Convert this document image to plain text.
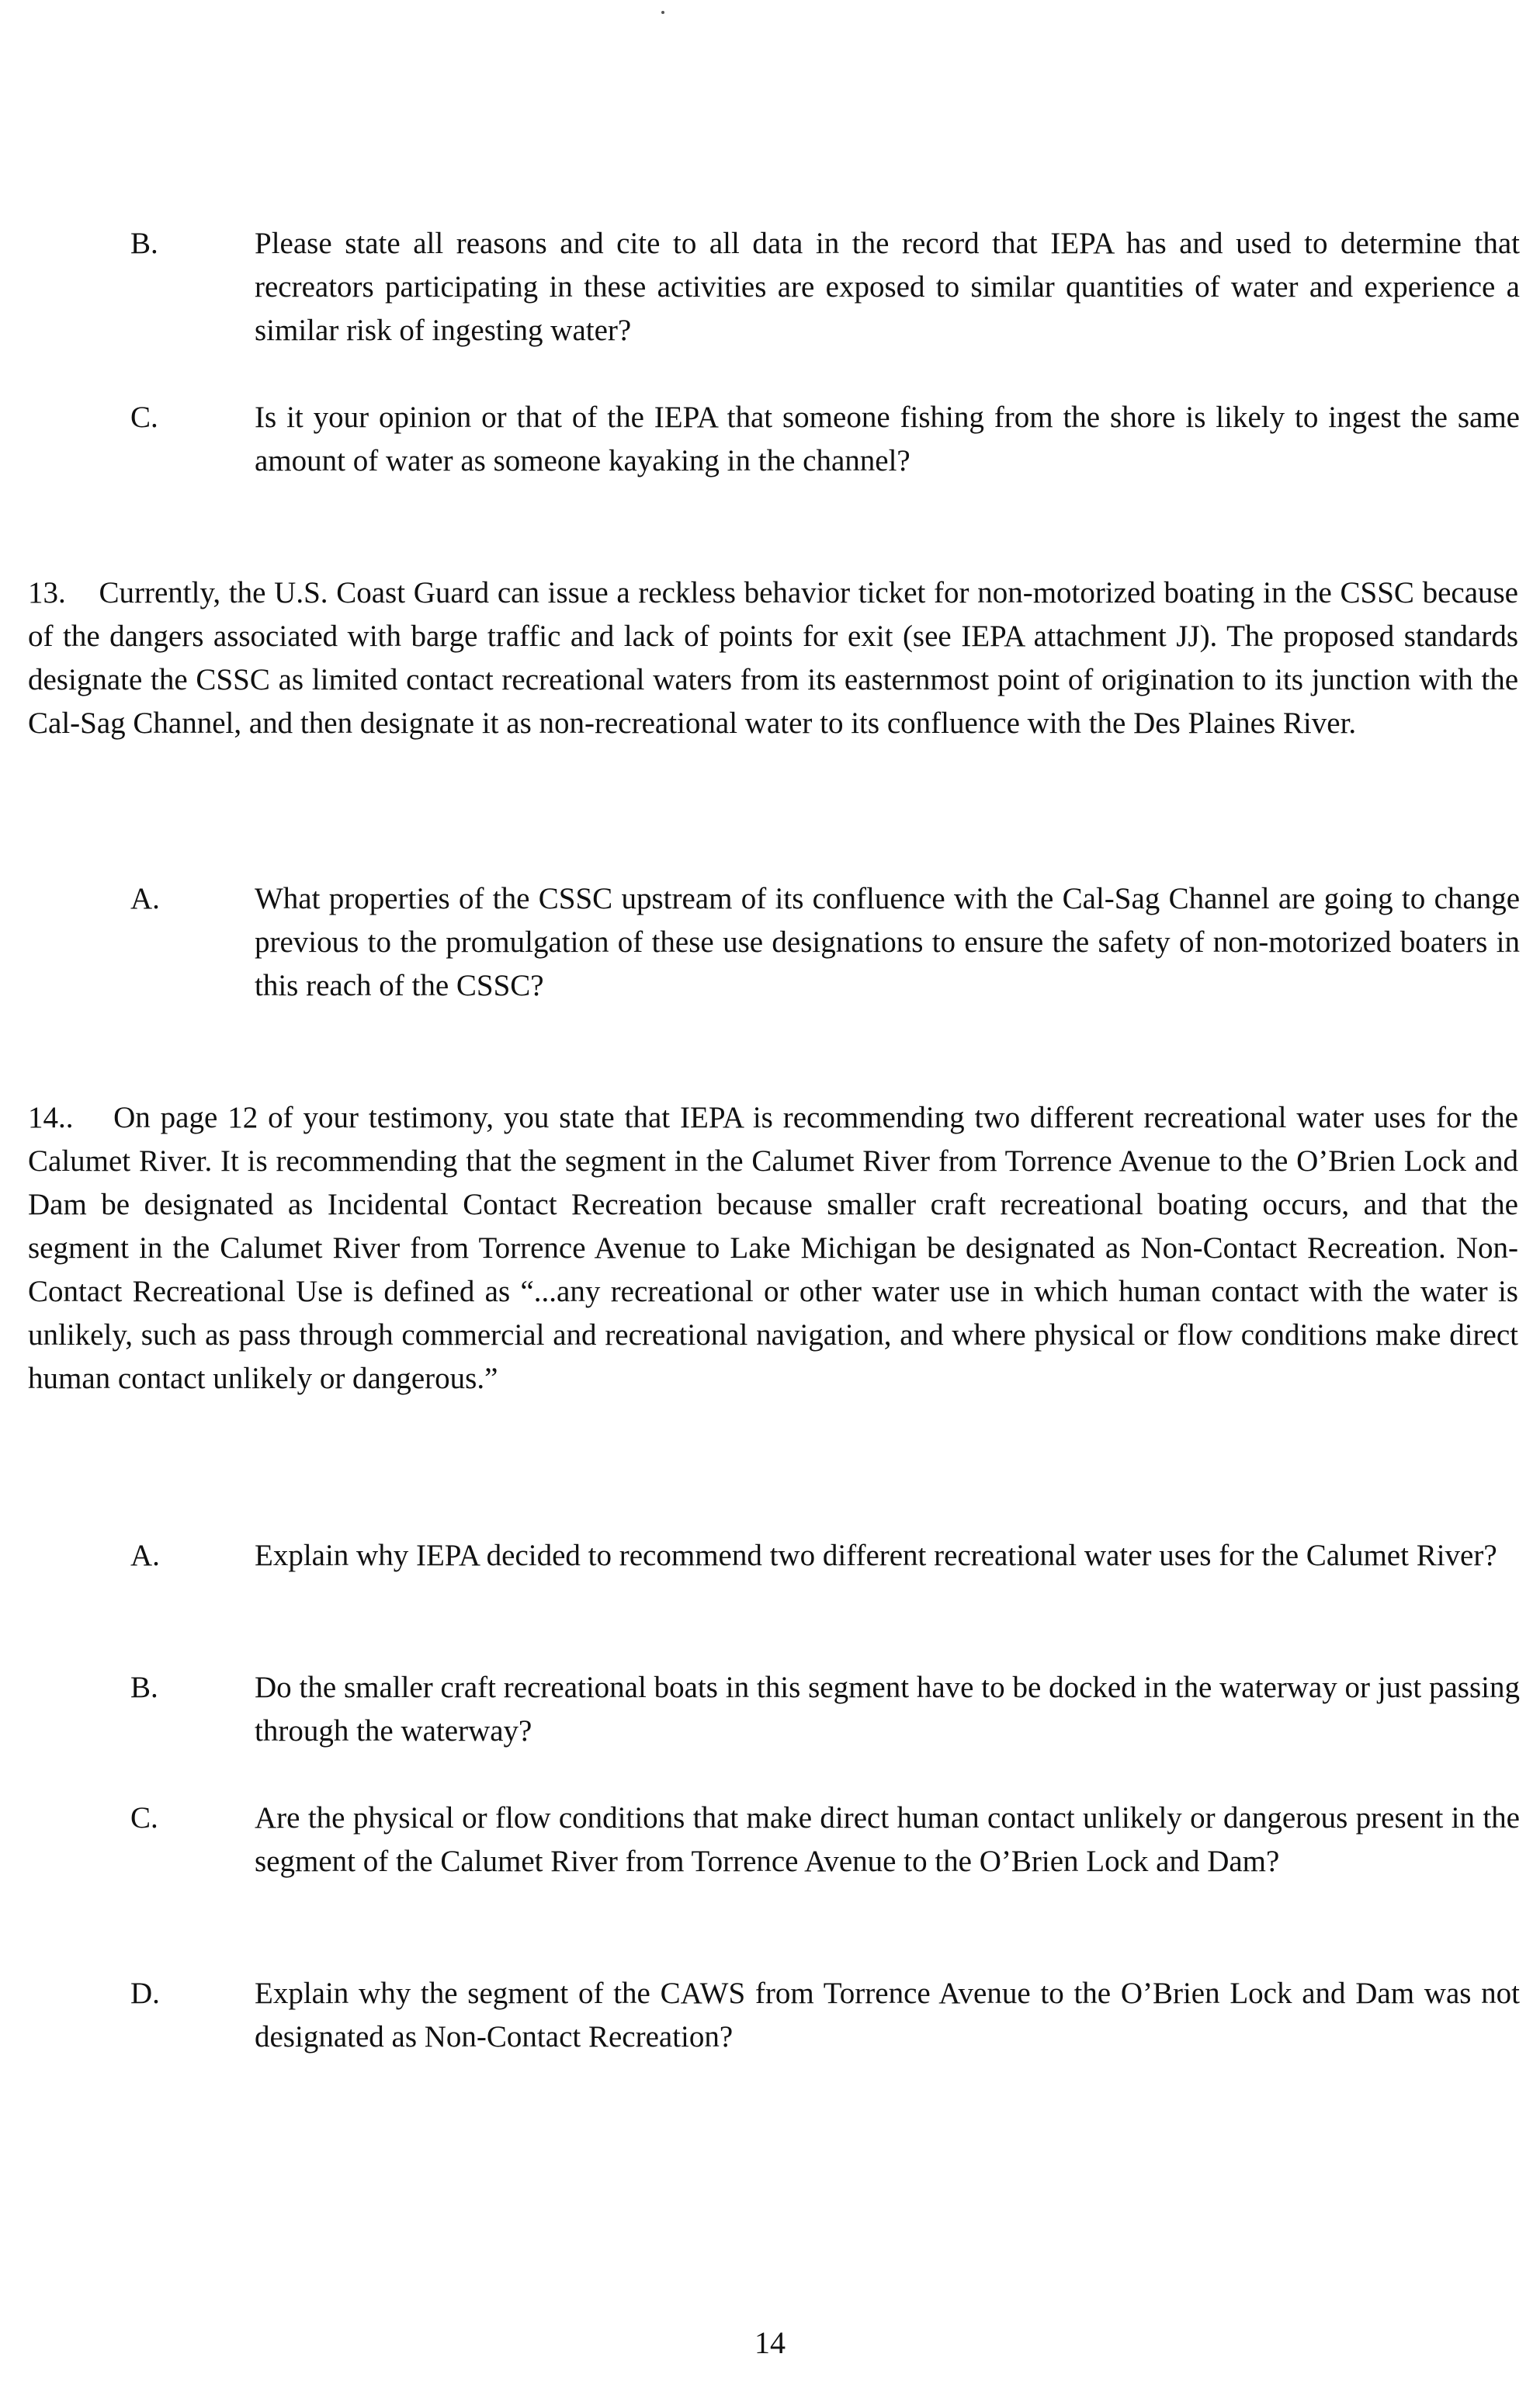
B.	Please state all reasons and cite to all data in the record that IEPA has and used to determine that recreators participating in these activities are exposed to similar quantities of water and experience a similar risk of ingesting water?
C.	Is it your opinion or that of the IEPA that someone fishing from the shore is likely to ingest the same amount of water as someone kayaking in the channel?
13.    Currently, the U.S. Coast Guard can issue a reckless behavior ticket for non-motorized boating in the CSSC because of the dangers associated with barge traffic and lack of points for exit (see IEPA attachment JJ). The proposed standards designate the CSSC as limited contact recreational waters from its easternmost point of origination to its junction with the Cal-Sag Channel, and then designate it as non-recreational water to its confluence with the Des Plaines River.
A.	What properties of the CSSC upstream of its confluence with the Cal-Sag Channel are going to change previous to the promulgation of these use designations to ensure the safety of non-motorized boaters in this reach of the CSSC?
14..    On page 12 of your testimony, you state that IEPA is recommending two different recreational water uses for the Calumet River. It is recommending that the segment in the Calumet River from Torrence Avenue to the O’Brien Lock and Dam be designated as Incidental Contact Recreation because smaller craft recreational boating occurs, and that the segment in the Calumet River from Torrence Avenue to Lake Michigan be designated as Non-Contact Recreation. Non-Contact Recreational Use is defined as “...any recreational or other water use in which human contact with the water is unlikely, such as pass through commercial and recreational navigation, and where physical or flow conditions make direct human contact unlikely or dangerous.”
A.	Explain why IEPA decided to recommend two different recreational water uses for the Calumet River?
B.	Do the smaller craft recreational boats in this segment have to be docked in the waterway or just passing through the waterway?
C.	Are the physical or flow conditions that make direct human contact unlikely or dangerous present in the segment of the Calumet River from Torrence Avenue to the O’Brien Lock and Dam?
D.	Explain why the segment of the CAWS from Torrence Avenue to the O’Brien Lock and Dam was not designated as Non-Contact Recreation?
14
